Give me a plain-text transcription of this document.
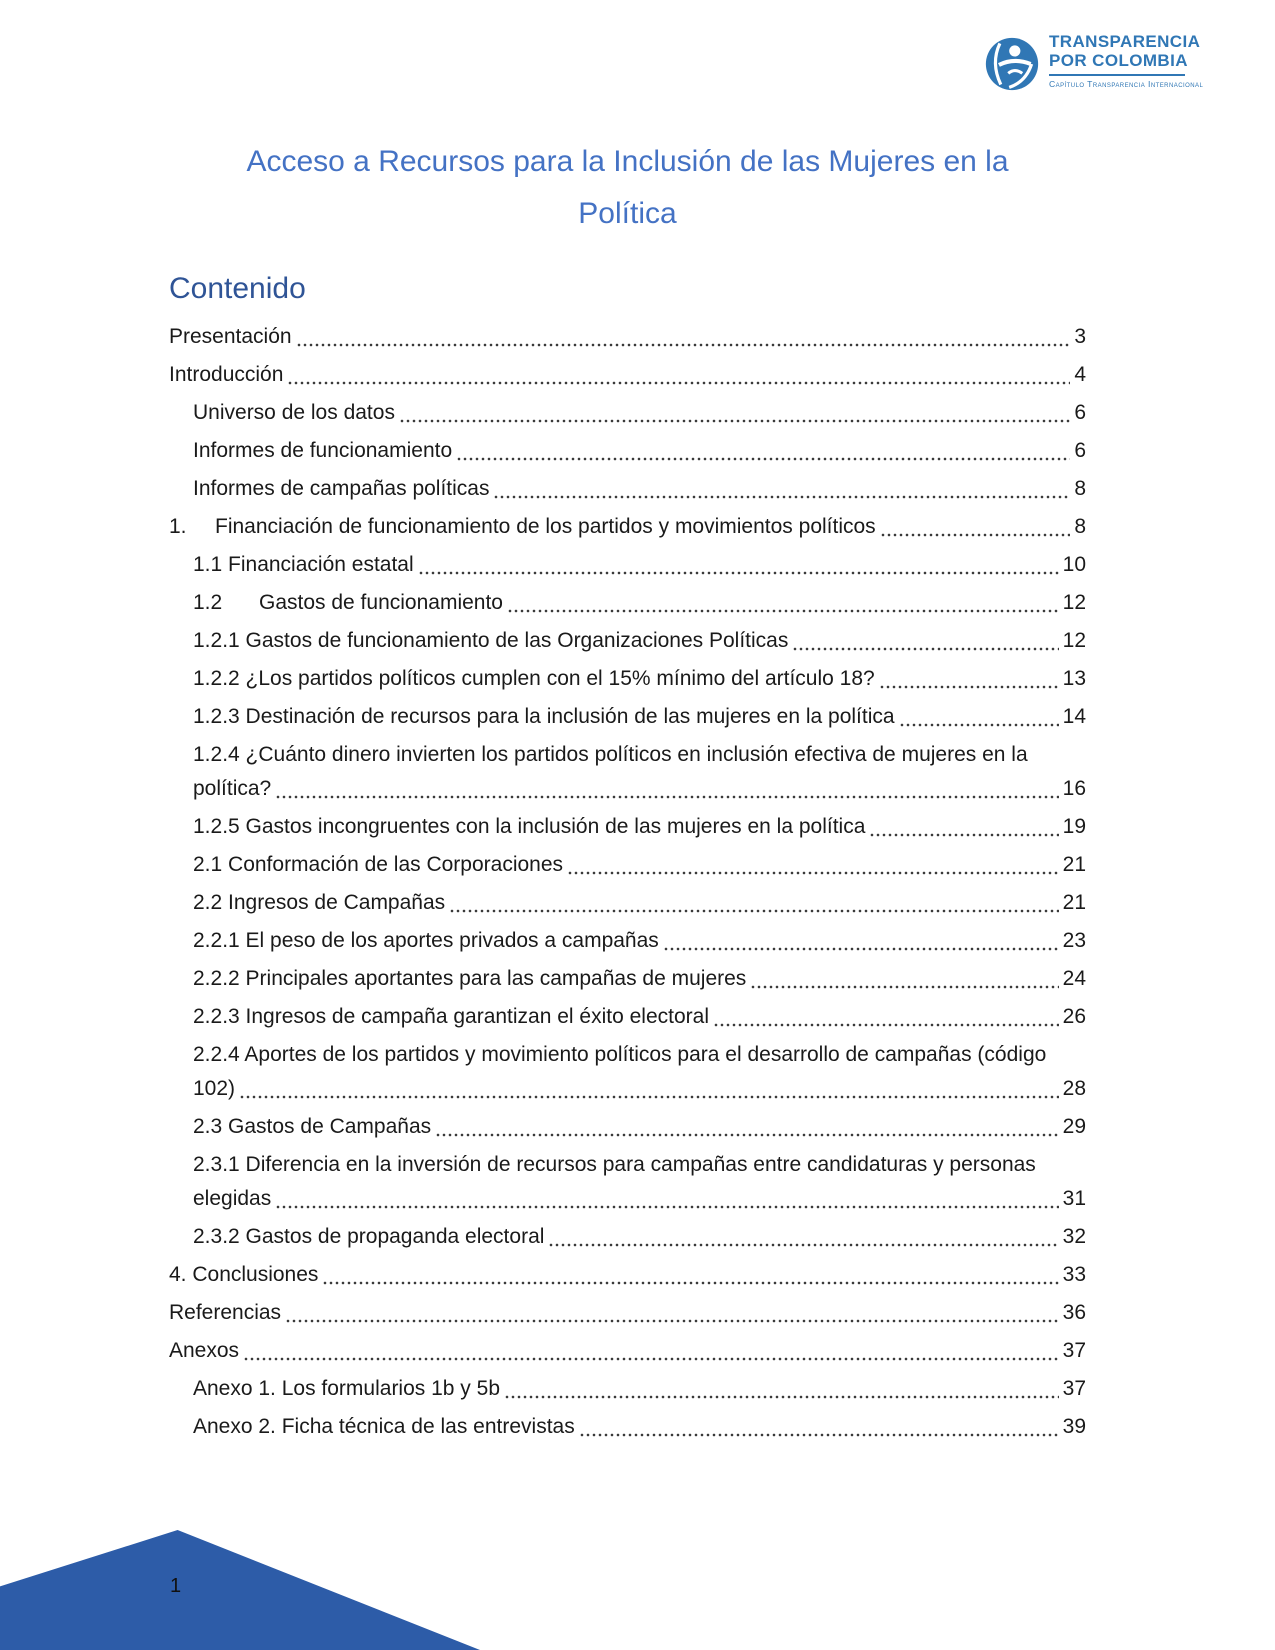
TRANSPARENCIA
POR COLOMBIA
Capítulo Transparencia Internacional
Acceso a Recursos para la Inclusión de las Mujeres en la
Política
Contenido
Presentación	3
Introducción	4
Universo de los datos	6
Informes de funcionamiento	6
Informes de campañas políticas	8
1.	Financiación de funcionamiento de los partidos y movimientos políticos	8
1.1 Financiación estatal	10
1.2	Gastos de funcionamiento	12
1.2.1 Gastos de funcionamiento de las Organizaciones Políticas	12
1.2.2 ¿Los partidos políticos cumplen con el 15% mínimo del artículo 18?	13
1.2.3 Destinación de recursos para la inclusión de las mujeres en la política	14
1.2.4 ¿Cuánto dinero invierten los partidos políticos en inclusión efectiva de mujeres en la
política?	16
1.2.5 Gastos incongruentes con la inclusión de las mujeres en la política	19
2.1 Conformación de las Corporaciones	21
2.2 Ingresos de Campañas	21
2.2.1 El peso de los aportes privados a campañas	23
2.2.2 Principales aportantes para las campañas de mujeres	24
2.2.3 Ingresos de campaña garantizan el éxito electoral	26
2.2.4 Aportes de los partidos y movimiento políticos para el desarrollo de campañas (código
102)	28
2.3 Gastos de Campañas	29
2.3.1 Diferencia en la inversión de recursos para campañas entre candidaturas y personas
elegidas	31
2.3.2 Gastos de propaganda electoral	32
4. Conclusiones	33
Referencias	36
Anexos	37
Anexo 1. Los formularios 1b y 5b	37
Anexo 2. Ficha técnica de las entrevistas	39
1
